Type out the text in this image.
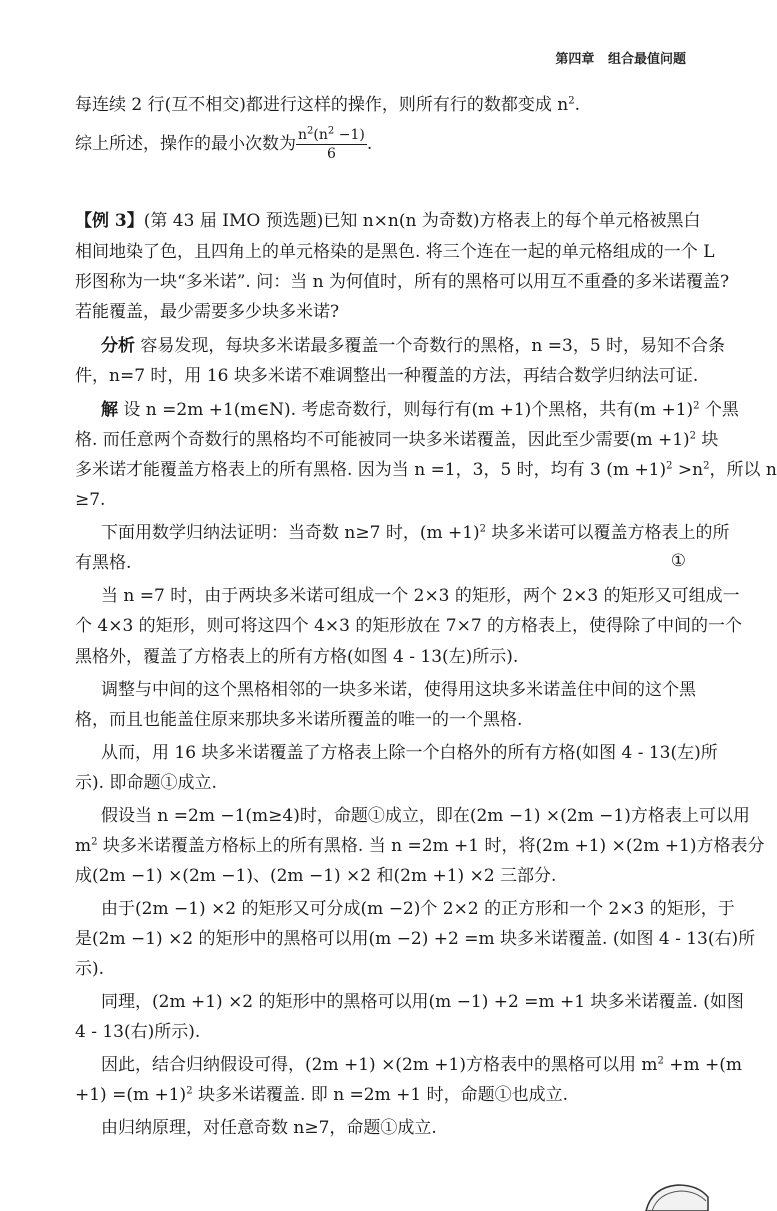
第四章 组合最值问题
每连续 2 行(互不相交)都进行这样的操作，则所有行的数都变成 $n^2$.
综上所述，操作的最小次数为 $\frac{n^2(n^2 -1)}{6}$ .
【例 3】(第 43 届 IMO 预选题)已知 n×n(n 为奇数)方格表上的每个单元格被黑白
相间地染了色，且四角上的单元格染的是黑色. 将三个连在一起的单元格组成的一个 L
形图称为一块“多米诺”. 问：当 n 为何值时，所有的黑格可以用互不重叠的多米诺覆盖?
若能覆盖，最少需要多少块多米诺?
分析 容易发现，每块多米诺最多覆盖一个奇数行的黑格，n =3，5 时，易知不合条
件，n=7 时，用 16 块多米诺不难调整出一种覆盖的方法，再结合数学归纳法可证.
解 设 n =2m +1(m∈N). 考虑奇数行，则每行有(m +1)个黑格，共有$(m +1)^2$ 个黑
格. 而任意两个奇数行的黑格均不可能被同一块多米诺覆盖，因此至少需要$(m +1)^2$ 块
多米诺才能覆盖方格表上的所有黑格. 因为当 n =1，3，5 时，均有 3 $(m +1)^2 >n^2$，所以 n
≥7.
下面用数学归纳法证明：当奇数 n≥7 时，$(m +1)^2$ 块多米诺可以覆盖方格表上的所
有黑格.	①
当 n =7 时，由于两块多米诺可组成一个 2×3 的矩形，两个 2×3 的矩形又可组成一
个 4×3 的矩形，则可将这四个 4×3 的矩形放在 7×7 的方格表上，使得除了中间的一个
黑格外，覆盖了方格表上的所有方格(如图 4 - 13(左)所示).
调整与中间的这个黑格相邻的一块多米诺，使得用这块多米诺盖住中间的这个黑
格，而且也能盖住原来那块多米诺所覆盖的唯一的一个黑格.
从而，用 16 块多米诺覆盖了方格表上除一个白格外的所有方格(如图 4 - 13(左)所
示). 即命题①成立.
假设当 n =2m −1(m≥4)时，命题①成立，即在(2m −1) ×(2m −1)方格表上可以用
$m^2$ 块多米诺覆盖方格标上的所有黑格. 当 n =2m +1 时，将(2m +1) ×(2m +1)方格表分
成(2m −1) ×(2m −1)、(2m −1) ×2 和(2m +1) ×2 三部分.
由于(2m −1) ×2 的矩形又可分成(m −2)个 2×2 的正方形和一个 2×3 的矩形，于
是(2m −1) ×2 的矩形中的黑格可以用(m −2) +2 =m 块多米诺覆盖. (如图 4 - 13(右)所
示).
同理，(2m +1) ×2 的矩形中的黑格可以用(m −1) +2 =m +1 块多米诺覆盖. (如图
4 - 13(右)所示).
因此，结合归纳假设可得，(2m +1) ×(2m +1)方格表中的黑格可以用 $m^2 +m +(m$
$+1) =(m +1)^2$ 块多米诺覆盖. 即 n =2m +1 时，命题①也成立.
由归纳原理，对任意奇数 n≥7，命题①成立.
